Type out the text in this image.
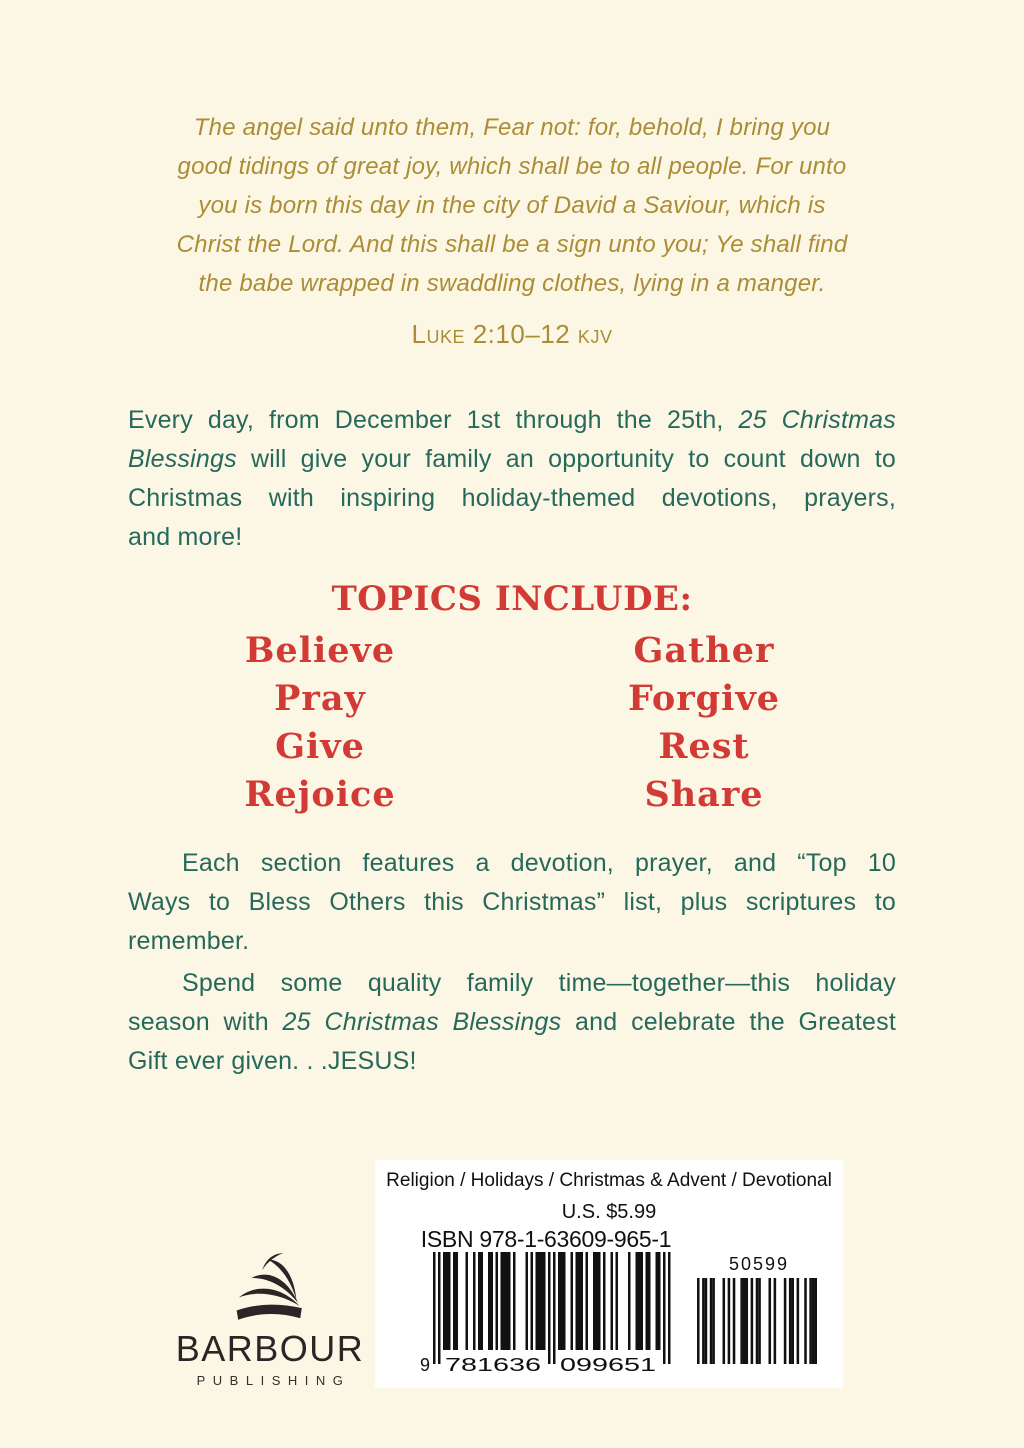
The angel said unto them, Fear not: for, behold, I bring you
good tidings of great joy, which shall be to all people. For unto
you is born this day in the city of David a Saviour, which is
Christ the Lord. And this shall be a sign unto you; Ye shall find
the babe wrapped in swaddling clothes, lying in a manger.
Luke 2:10–12 kjv
Every day, from December 1st through the 25th, 25 Christmas
Blessings will give your family an opportunity to count down to
Christmas with inspiring holiday-themed devotions, prayers,
and more!
TOPICS INCLUDE:
Believe
Pray
Give
Rejoice
Gather
Forgive
Rest
Share
Each section features a devotion, prayer, and “Top 10
Ways to Bless Others this Christmas” list, plus scriptures to
remember.
Spend some quality family time—together—this holiday
season with 25 Christmas Blessings and celebrate the Greatest
Gift ever given. . .JESUS!
BARBOUR
PUBLISHING
Religion / Holidays / Christmas & Advent / Devotional
U.S. $5.99
ISBN 978-1-63609-965-1
9 781636 099651
50599
